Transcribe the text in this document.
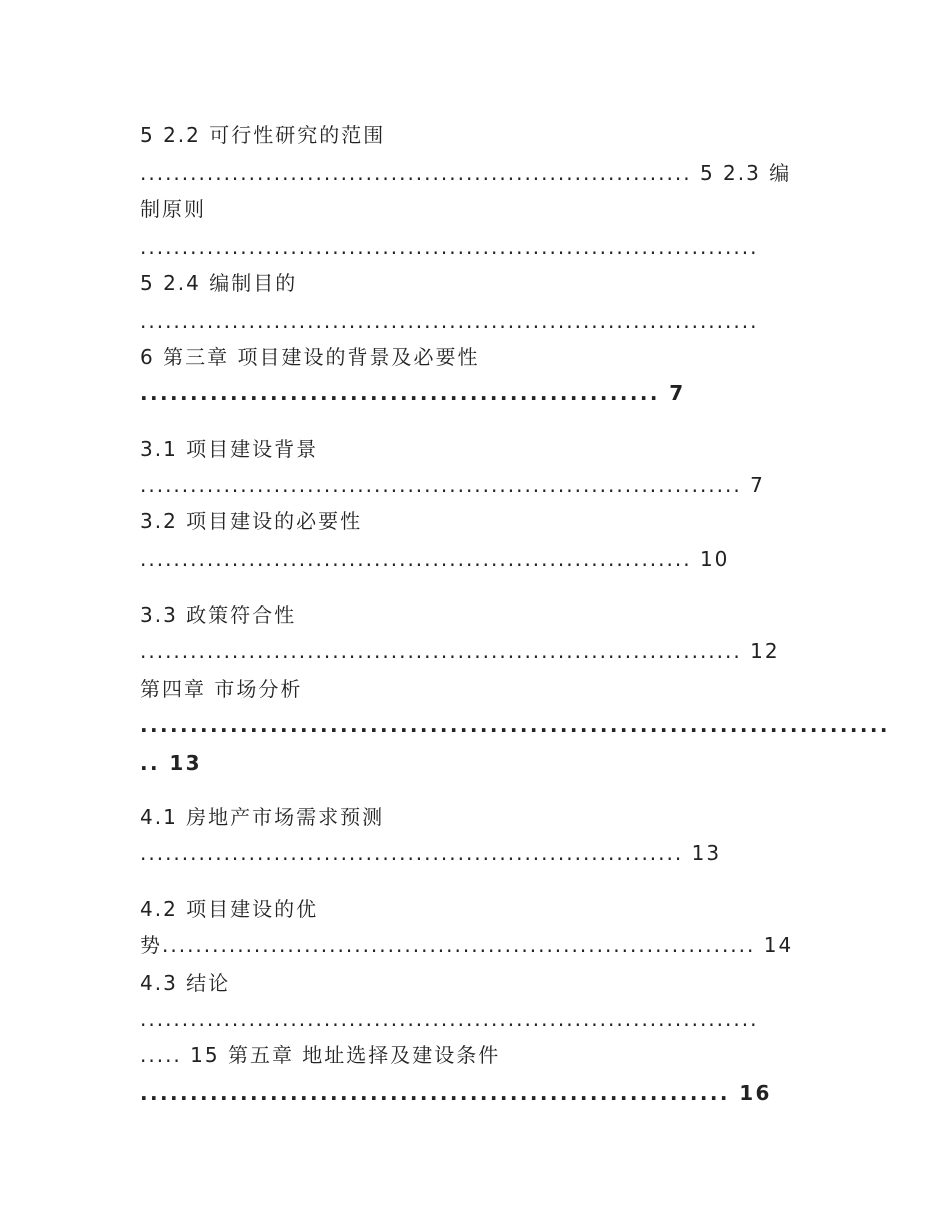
5 2.2 可行性研究的范围
.................................................................. 5 2.3 编
制原则
..........................................................................
5 2.4 编制目的
..........................................................................
6 第三章 项目建设的背景及必要性
.................................................... 7
3.1 项目建设背景
........................................................................ 7
3.2 项目建设的必要性
.................................................................. 10
3.3 政策符合性
........................................................................ 12
第四章 市场分析
...........................................................................
.. 13
4.1 房地产市场需求预测
................................................................. 13
4.2 项目建设的优
势....................................................................... 14
4.3 结论
..........................................................................
..... 15 第五章 地址选择及建设条件
........................................................... 16
